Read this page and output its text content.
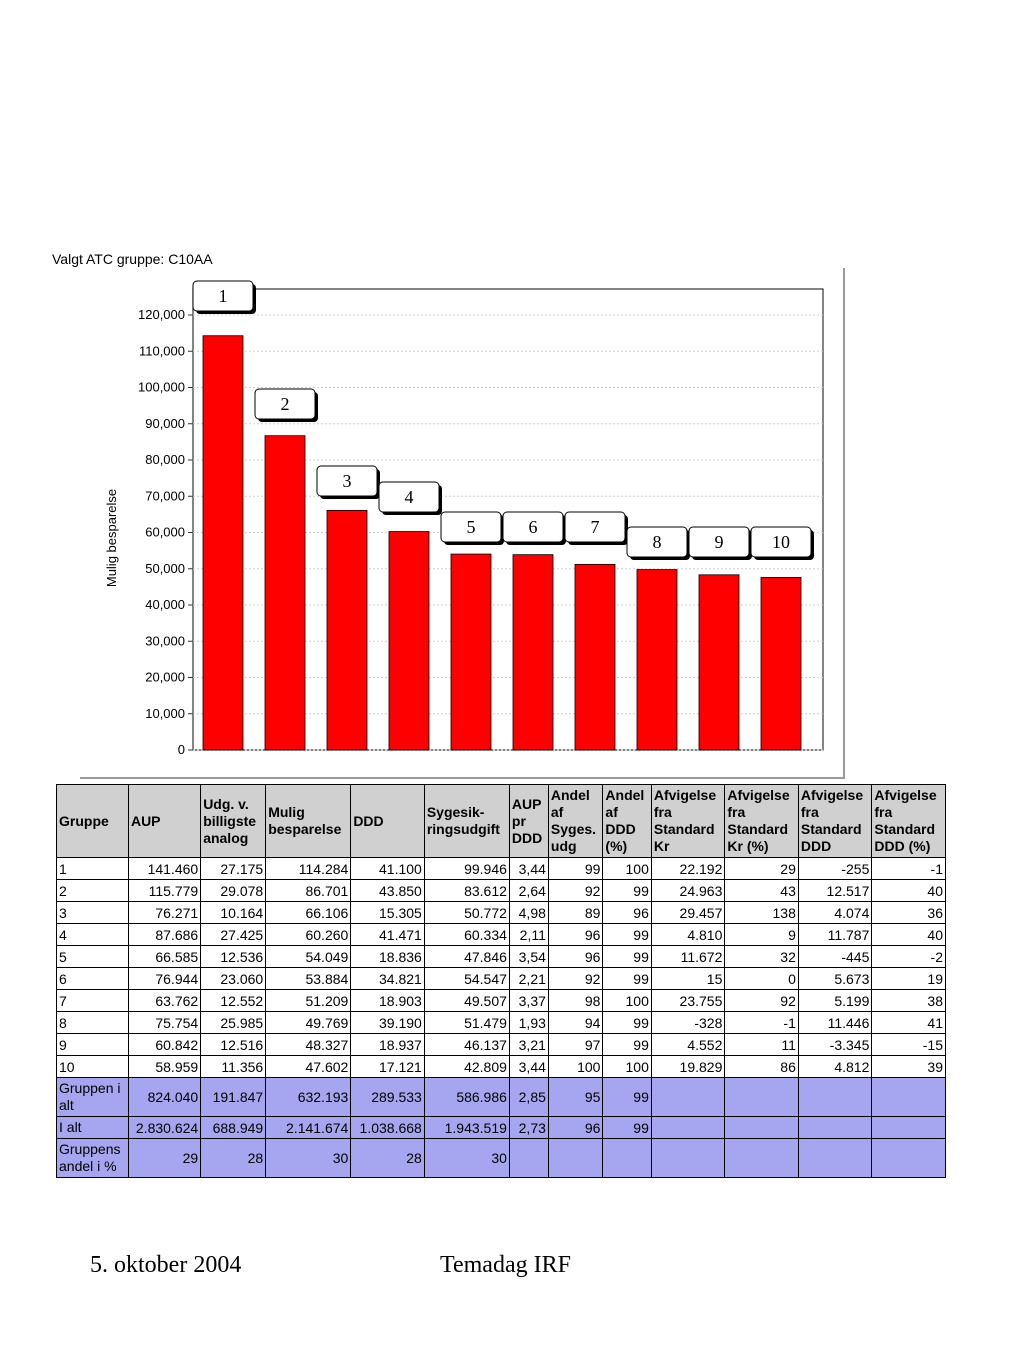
Valgt ATC gruppe: C10AA
0
10,000
20,000
30,000
40,000
50,000
60,000
70,000
80,000
90,000
100,000
110,000
120,000
1
2
3
4
5	6	7
8	9	10
Mulig besparelse
Gruppe	AUP	Udg. v. billigste analog	Mulig besparelse	DDD	Sygesik-ringsudgift	AUP pr DDD	Andel af Syges. udg	Andel af DDD (%)	Afvigelse fra Standard Kr	Afvigelse fra Standard Kr (%)	Afvigelse fra Standard DDD	Afvigelse fra Standard DDD (%)
1	141.460	27.175	114.284	41.100	99.946	3,44	99	100	22.192	29	-255	-1
2	115.779	29.078	86.701	43.850	83.612	2,64	92	99	24.963	43	12.517	40
3	76.271	10.164	66.106	15.305	50.772	4,98	89	96	29.457	138	4.074	36
4	87.686	27.425	60.260	41.471	60.334	2,11	96	99	4.810	9	11.787	40
5	66.585	12.536	54.049	18.836	47.846	3,54	96	99	11.672	32	-445	-2
6	76.944	23.060	53.884	34.821	54.547	2,21	92	99	15	0	5.673	19
7	63.762	12.552	51.209	18.903	49.507	3,37	98	100	23.755	92	5.199	38
8	75.754	25.985	49.769	39.190	51.479	1,93	94	99	-328	-1	11.446	41
9	60.842	12.516	48.327	18.937	46.137	3,21	97	99	4.552	11	-3.345	-15
10	58.959	11.356	47.602	17.121	42.809	3,44	100	100	19.829	86	4.812	39
Gruppen i alt	824.040	191.847	632.193	289.533	586.986	2,85	95	99				
I alt	2.830.624	688.949	2.141.674	1.038.668	1.943.519	2,73	96	99				
Gruppens andel i %	29	28	30	28	30							
5. oktober 2004	Temadag IRF
